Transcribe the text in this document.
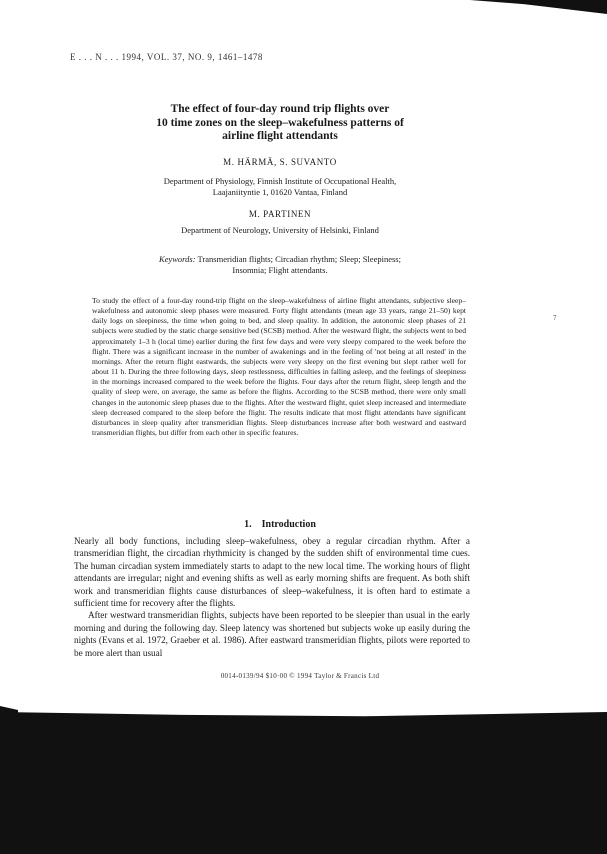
E . . . N . . . 1994, VOL. 37, NO. 9, 1461–1478
The effect of four-day round trip flights over
10 time zones on the sleep–wakefulness patterns of
airline flight attendants
M. HÄRMÄ, S. SUVANTO
Department of Physiology, Finnish Institute of Occupational Health,
Laajaniityntie 1, 01620 Vantaa, Finland
M. PARTINEN
Department of Neurology, University of Helsinki, Finland
Keywords: Transmeridian flights; Circadian rhythm; Sleep; Sleepiness;
Insomnia; Flight attendants.

To study the effect of a four-day round-trip flight on the sleep–wakefulness of airline flight attendants, subjective sleep–wakefulness and autonomic sleep phases were measured. Forty flight attendants (mean age 33 years, range 21–50) kept daily logs on sleepiness, the time when going to bed, and sleep quality. In addition, the autonomic sleep phases of 21 subjects were studied by the static charge sensitive bed (SCSB) method. After the westward flight, the subjects went to bed approximately 1–3 h (local time) earlier during the first few days and were very sleepy compared to the week before the flight. There was a significant increase in the number of awakenings and in the feeling of 'not being at all rested' in the mornings. After the return flight eastwards, the subjects were very sleepy on the first evening but slept rather well for about 11 h. During the three following days, sleep restlessness, difficulties in falling asleep, and the feelings of sleepiness in the mornings increased compared to the week before the flights. Four days after the return flight, sleep length and the quality of sleep were, on average, the same as before the flights. According to the SCSB method, there were only small changes in the autonomic sleep phases due to the flights. After the westward flight, quiet sleep increased and intermediate sleep decreased compared to the sleep before the flight. The results indicate that most flight attendants have significant disturbances in sleep quality after transmeridian flights. Sleep disturbances increase after both westward and eastward transmeridian flights, but differ from each other in specific features.

1. Introduction

Nearly all body functions, including sleep–wakefulness, obey a regular circadian rhythm. After a transmeridian flight, the circadian rhythmicity is changed by the sudden shift of environmental time cues. The human circadian system immediately starts to adapt to the new local time. The working hours of flight attendants are irregular; night and evening shifts as well as early morning shifts are frequent. As both shift work and transmeridian flights cause disturbances of sleep–wakefulness, it is often hard to estimate a sufficient time for recovery after the flights.

After westward transmeridian flights, subjects have been reported to be sleepier than usual in the early morning and during the following day. Sleep latency was shortened but subjects woke up easily during the nights (Evans et al. 1972, Graeber et al. 1986). After eastward transmeridian flights, pilots were reported to be more alert than usual

0014-0139/94 $10·00 © 1994 Taylor & Francis Ltd
7
